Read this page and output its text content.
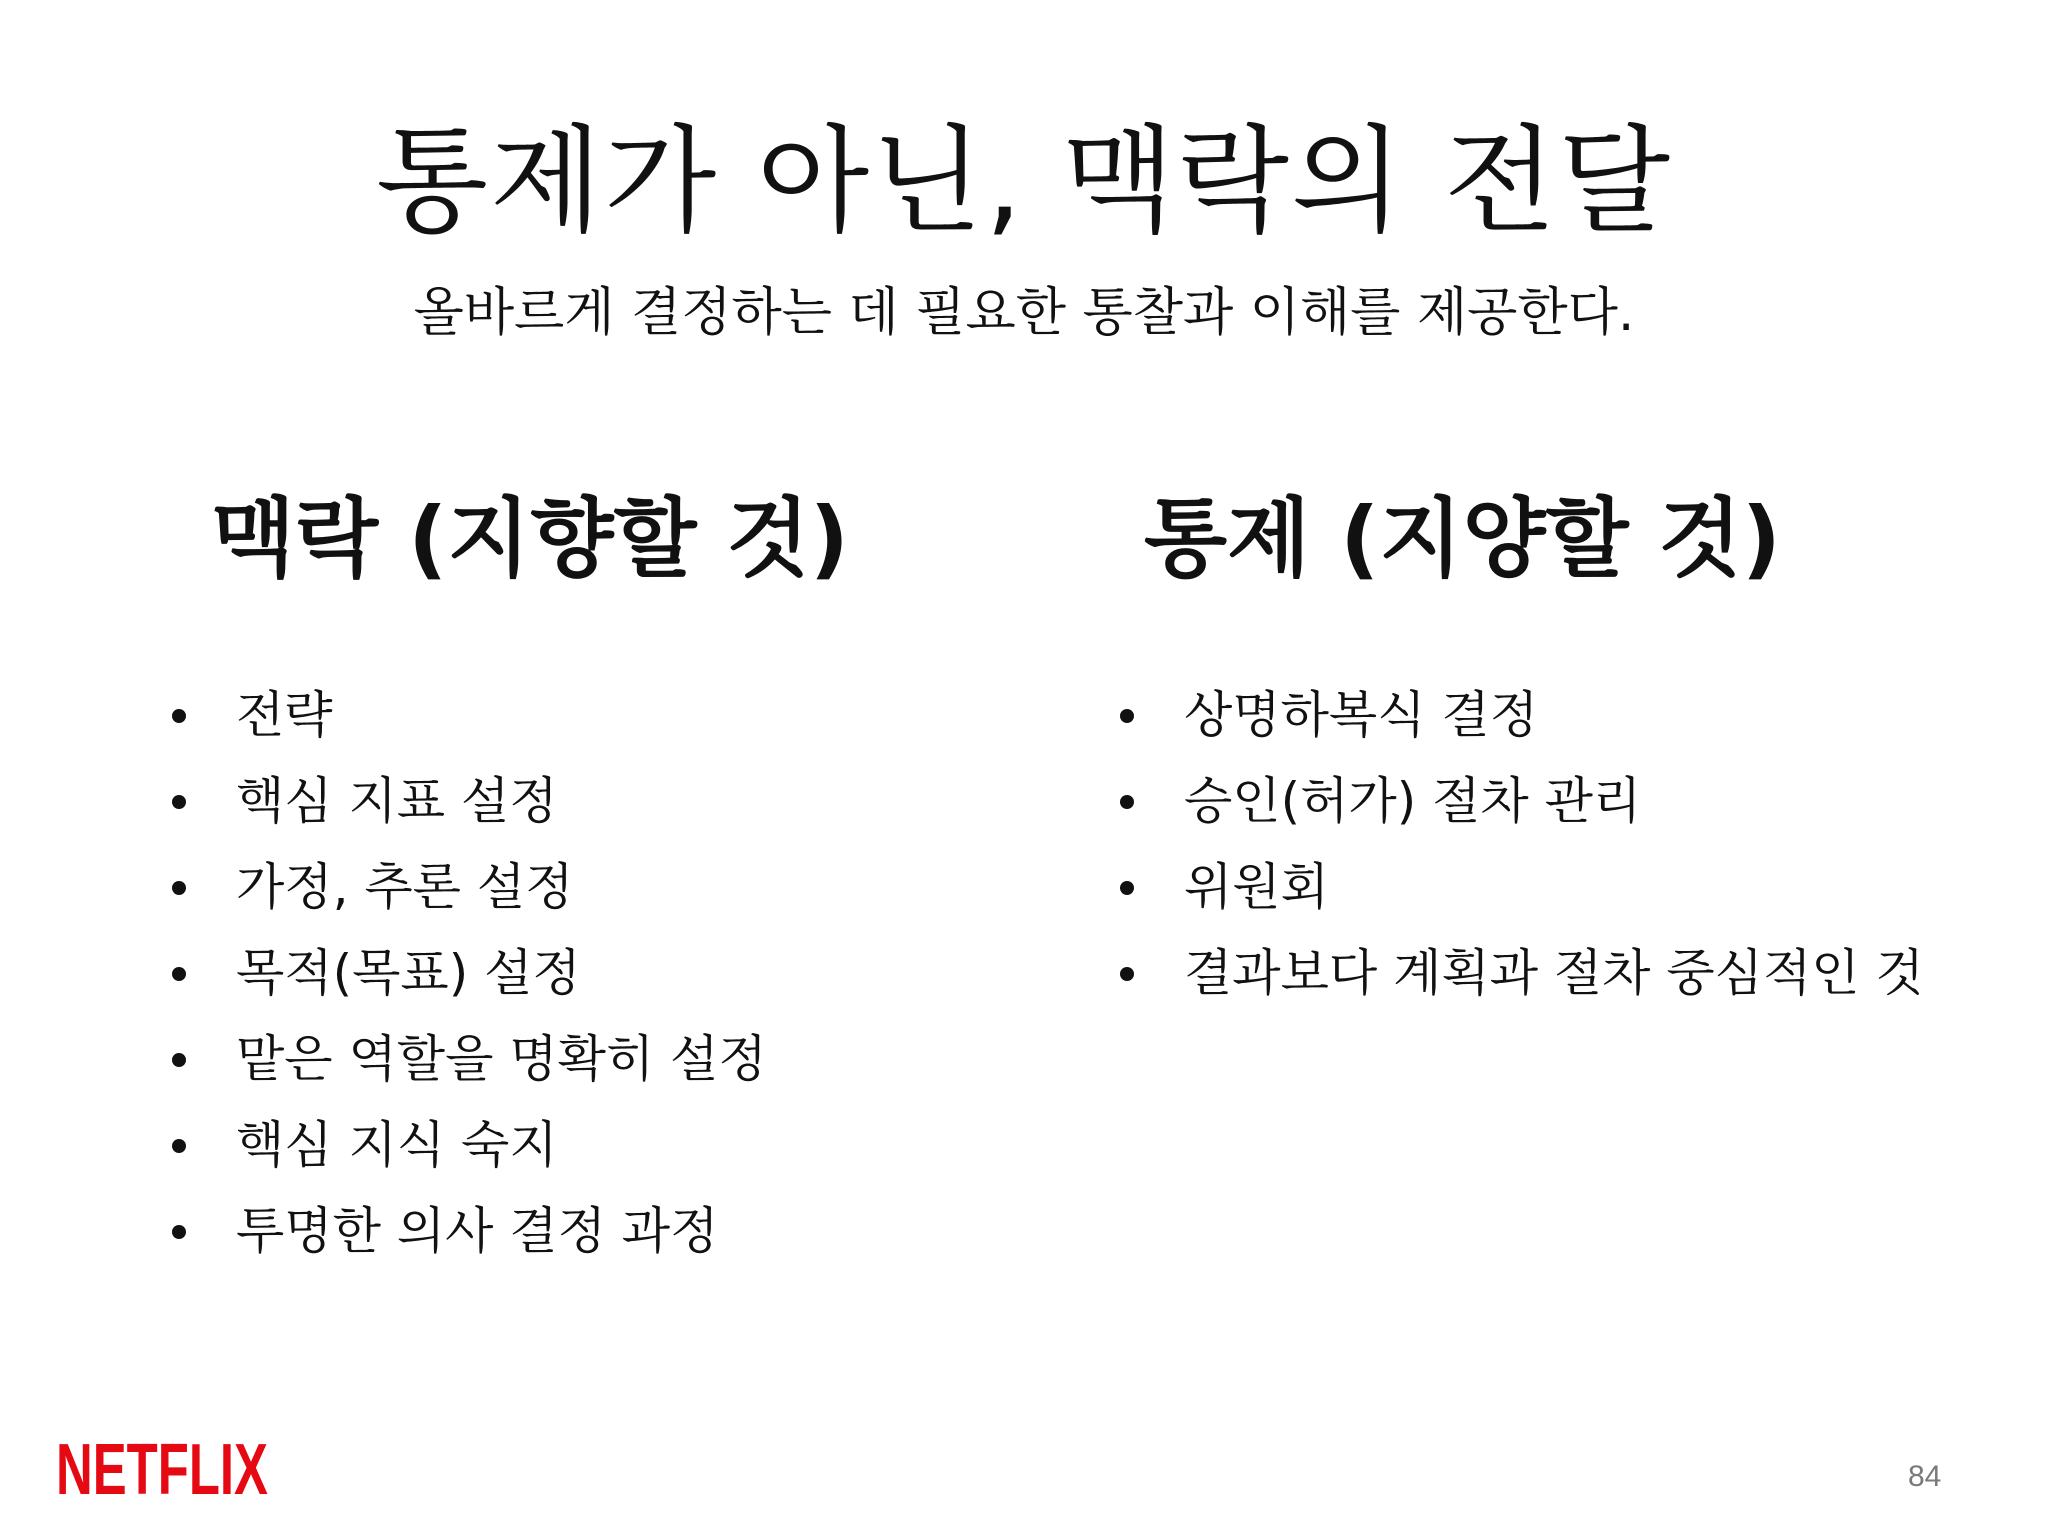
통제가 아닌, 맥락의 전달

올바르게 결정하는 데 필요한 통찰과 이해를 제공한다.

맥락 (지향할 것)	통제 (지양할 것)
전략
핵심 지표 설정
가정, 추론 설정
목적(목표) 설정
맡은 역할을 명확히 설정
핵심 지식 숙지
투명한 의사 결정 과정
상명하복식 결정
승인(허가) 절차 관리
위원회
결과보다 계획과 절차 중심적인 것
NETFLIX	84
